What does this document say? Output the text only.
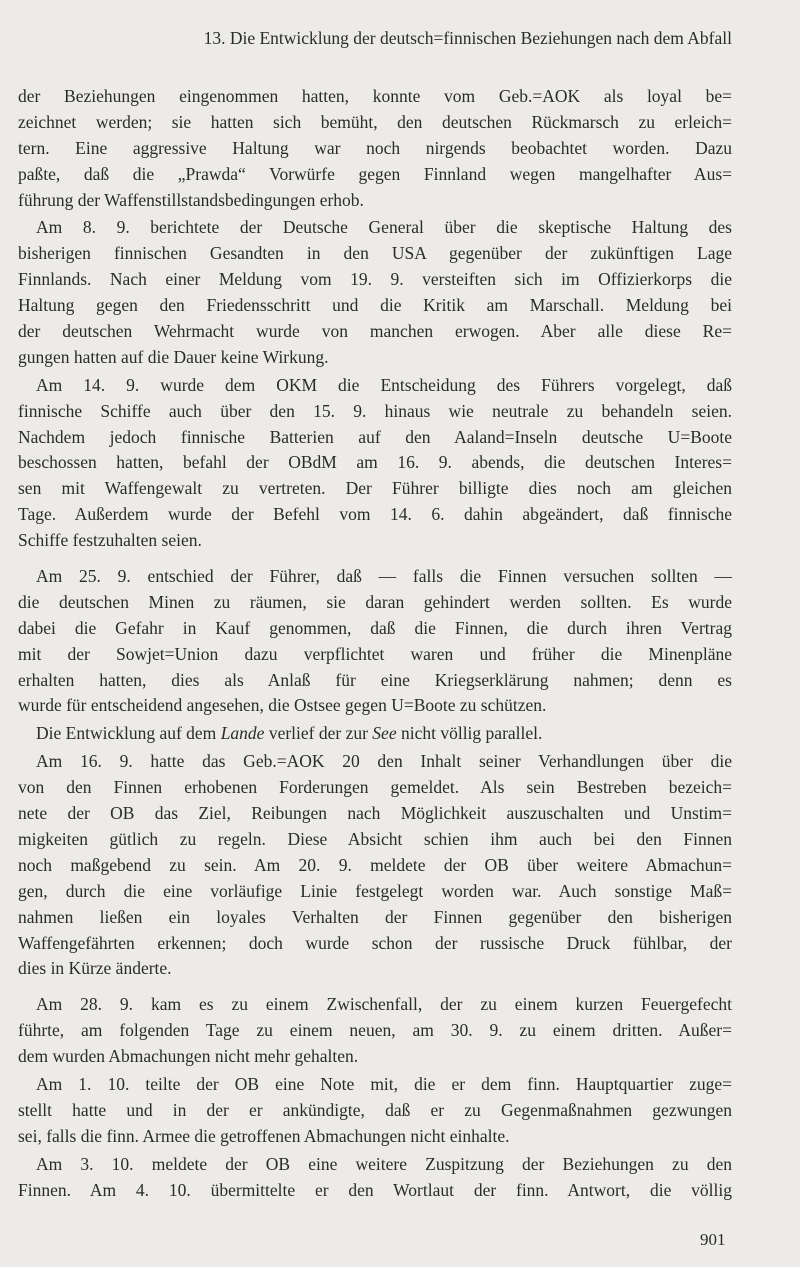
13. Die Entwicklung der deutsch=finnischen Beziehungen nach dem Abfall
der Beziehungen eingenommen hatten, konnte vom Geb.=AOK als loyal be=
zeichnet werden; sie hatten sich bemüht, den deutschen Rückmarsch zu erleich=
tern. Eine aggressive Haltung war noch nirgends beobachtet worden. Dazu
paßte, daß die „Prawda“ Vorwürfe gegen Finnland wegen mangelhafter Aus=
führung der Waffenstillstandsbedingungen erhob.
Am 8. 9. berichtete der Deutsche General über die skeptische Haltung des
bisherigen finnischen Gesandten in den USA gegenüber der zukünftigen Lage
Finnlands. Nach einer Meldung vom 19. 9. versteiften sich im Offizierkorps die
Haltung gegen den Friedensschritt und die Kritik am Marschall. Meldung bei
der deutschen Wehrmacht wurde von manchen erwogen. Aber alle diese Re=
gungen hatten auf die Dauer keine Wirkung.
Am 14. 9. wurde dem OKM die Entscheidung des Führers vorgelegt, daß
finnische Schiffe auch über den 15. 9. hinaus wie neutrale zu behandeln seien.
Nachdem jedoch finnische Batterien auf den Aaland=Inseln deutsche U=Boote
beschossen hatten, befahl der OBdM am 16. 9. abends, die deutschen Interes=
sen mit Waffengewalt zu vertreten. Der Führer billigte dies noch am gleichen
Tage. Außerdem wurde der Befehl vom 14. 6. dahin abgeändert, daß finnische
Schiffe festzuhalten seien.
Am 25. 9. entschied der Führer, daß — falls die Finnen versuchen sollten —
die deutschen Minen zu räumen, sie daran gehindert werden sollten. Es wurde
dabei die Gefahr in Kauf genommen, daß die Finnen, die durch ihren Vertrag
mit der Sowjet=Union dazu verpflichtet waren und früher die Minenpläne
erhalten hatten, dies als Anlaß für eine Kriegserklärung nahmen; denn es
wurde für entscheidend angesehen, die Ostsee gegen U=Boote zu schützen.
Die Entwicklung auf dem Lande verlief der zur See nicht völlig parallel.
Am 16. 9. hatte das Geb.=AOK 20 den Inhalt seiner Verhandlungen über die
von den Finnen erhobenen Forderungen gemeldet. Als sein Bestreben bezeich=
nete der OB das Ziel, Reibungen nach Möglichkeit auszuschalten und Unstim=
migkeiten gütlich zu regeln. Diese Absicht schien ihm auch bei den Finnen
noch maßgebend zu sein. Am 20. 9. meldete der OB über weitere Abmachun=
gen, durch die eine vorläufige Linie festgelegt worden war. Auch sonstige Maß=
nahmen ließen ein loyales Verhalten der Finnen gegenüber den bisherigen
Waffengefährten erkennen; doch wurde schon der russische Druck fühlbar, der
dies in Kürze änderte.
Am 28. 9. kam es zu einem Zwischenfall, der zu einem kurzen Feuergefecht
führte, am folgenden Tage zu einem neuen, am 30. 9. zu einem dritten. Außer=
dem wurden Abmachungen nicht mehr gehalten.
Am 1. 10. teilte der OB eine Note mit, die er dem finn. Hauptquartier zuge=
stellt hatte und in der er ankündigte, daß er zu Gegenmaßnahmen gezwungen
sei, falls die finn. Armee die getroffenen Abmachungen nicht einhalte.
Am 3. 10. meldete der OB eine weitere Zuspitzung der Beziehungen zu den
Finnen. Am 4. 10. übermittelte er den Wortlaut der finn. Antwort, die völlig
901
